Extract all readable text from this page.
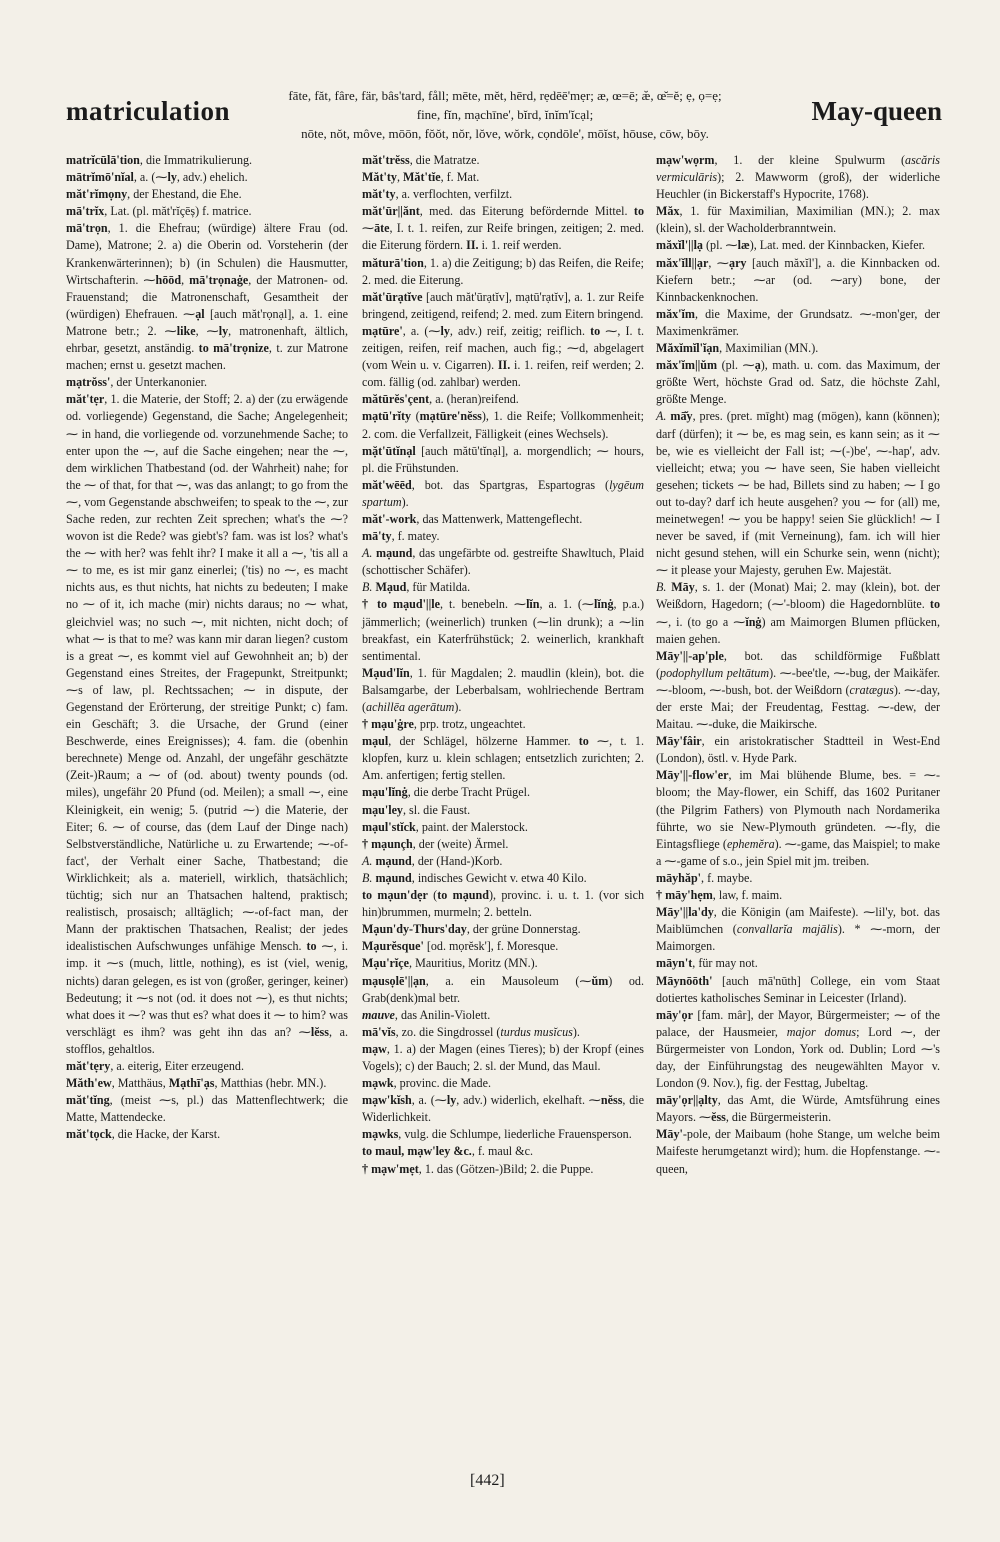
matriculation
fāte, făt, fâre, fär, bâs'tard, fåll; mēte, mĕt, hērd, rẹdēē'mẹr; æ, œ=ē; æ̆, œ̆=ĕ; ẹ, ọ=ẹ;
fine, fĭn, mạchīne', bĭrd, ĭnĭm'ĭcạl;
nōte, nŏt, môve, mōōn, fŏŏt, nŏr, lŏve, wŏrk, cọndōle', mōĭst, hōuse, cōw, bōy.
May-queen
matrĭcūlā'tion, die Immatrikulierung.
mātrĭmō'nĭal, a. (⁓ly, adv.) ehelich.
măt'rĭmọny, der Ehestand, die Ehe.
mā'trĭx, Lat. (pl. măt'rĭçēș) f. matrice.
mā'trọn, 1. die Ehefrau; (würdige) ältere Frau (od. Dame), Matrone; 2. a) die Oberin od. Vorsteherin (der Krankenwärterinnen); b) (in Schulen) die Hausmutter, Wirtschafterin. ⁓hōōd, mā'trọnaġe, der Matronen- od. Frauenstand; die Matronenschaft, Gesamtheit der (würdigen) Ehefrauen. ⁓ạl [auch măt'rọnạl], a. 1. eine Matrone betr.; 2. ⁓like, ⁓ly, matronenhaft, ältlich, ehrbar, gesetzt, anständig. to mā'trọnize, t. zur Matrone machen; ernst u. gesetzt machen.
mạtrŏss', der Unterkanonier.
măt'tẹr, 1. die Materie, der Stoff; 2. a) der (zu erwägende od. vorliegende) Gegenstand, die Sache; Angelegenheit; ⁓ in hand, die vorliegende od. vorzunehmende Sache; to enter upon the ⁓, auf die Sache eingehen; near the ⁓, dem wirklichen Thatbestand (od. der Wahrheit) nahe; for the ⁓ of that, for that ⁓, was das anlangt; to go from the ⁓, vom Gegenstande abschweifen; to speak to the ⁓, zur Sache reden, zur rechten Zeit sprechen; what's the ⁓? wovon ist die Rede? was giebt's? fam. was ist los? what's the ⁓ with her? was fehlt ihr? I make it all a ⁓, 'tis all a ⁓ to me, es ist mir ganz einerlei; ('tis) no ⁓, es macht nichts aus, es thut nichts, hat nichts zu bedeuten; I make no ⁓ of it, ich mache (mir) nichts daraus; no ⁓ what, gleichviel was; no such ⁓, mit nichten, nicht doch; of what ⁓ is that to me? was kann mir daran liegen? custom is a great ⁓, es kommt viel auf Gewohnheit an; b) der Gegenstand eines Streites, der Fragepunkt, Streitpunkt; ⁓s of law, pl. Rechtssachen; ⁓ in dispute, der Gegenstand der Erörterung, der streitige Punkt; c) fam. ein Geschäft; 3. die Ursache, der Grund (einer Beschwerde, eines Ereignisses); 4. fam. die (obenhin berechnete) Menge od. Anzahl, der ungefähr geschätzte (Zeit-)Raum; a ⁓ of (od. about) twenty pounds (od. miles), ungefähr 20 Pfund (od. Meilen); a small ⁓, eine Kleinigkeit, ein wenig; 5. (putrid ⁓) die Materie, der Eiter; 6. ⁓ of course, das (dem Lauf der Dinge nach) Selbstverständliche, Natürliche u. zu Erwartende; ⁓-of-fact', der Verhalt einer Sache, Thatbestand; die Wirklichkeit; als a. materiell, wirklich, thatsächlich; tüchtig; sich nur an Thatsachen haltend, praktisch; realistisch, prosaisch; alltäglich; ⁓-of-fact man, der Mann der praktischen Thatsachen, Realist; der jedes idealistischen Aufschwunges unfähige Mensch. to ⁓, i. imp. it ⁓s (much, little, nothing), es ist (viel, wenig, nichts) daran gelegen, es ist von (großer, geringer, keiner) Bedeutung; it ⁓s not (od. it does not ⁓), es thut nichts; what does it ⁓? was thut es? what does it ⁓ to him? was verschlägt es ihm? was geht ihn das an? ⁓lĕss, a. stofflos, gehaltlos.
măt'tẹry, a. eiterig, Eiter erzeugend.
Măth'ew, Matthäus, Mạthī'ạs, Matthias (hebr. MN.).
măt'tĭng, (meist ⁓s, pl.) das Mattenflechtwerk; die Matte, Mattendecke.
măt'tọck, die Hacke, der Karst.
măt'trĕss, die Matratze.
Măt'ty, Măt'tĭe, f. Mat.
măt'ty, a. verflochten, verfilzt.
măt'ūr||ănt, med. das Eiterung befördernde Mittel. to ⁓āte, I. t. 1. reifen, zur Reife bringen, zeitigen; 2. med. die Eiterung fördern. II. i. 1. reif werden.
măturā'tion, 1. a) die Zeitigung; b) das Reifen, die Reife; 2. med. die Eiterung.
măt'ūrạtĭve [auch măt'ūrạtĭv], mạtū'rạtĭv], a. 1. zur Reife bringend, zeitigend, reifend; 2. med. zum Eitern bringend.
mạtūre', a. (⁓ly, adv.) reif, zeitig; reiflich. to ⁓, I. t. zeitigen, reifen, reif machen, auch fig.; ⁓d, abgelagert (vom Wein u. v. Cigarren). II. i. 1. reifen, reif werden; 2. com. fällig (od. zahlbar) werden.
mătūrĕs'çent, a. (heran)reifend.
mạtū'rĭty (mạtūre'nĕss), 1. die Reife; Vollkommenheit; 2. com. die Verfallzeit, Fälligkeit (eines Wechsels).
mặt'ūtĭnạl [auch mătū'tĭnạl], a. morgendlich; ⁓ hours, pl. die Frühstunden.
măt'wēēd, bot. das Spartgras, Espartogras (lygēum spartum).
măt'-work, das Mattenwerk, Mattengeflecht.
mā'ty, f. matey.
A. mạund, das ungefärbte od. gestreifte Shawltuch, Plaid (schottischer Schäfer).
B. Mạud, für Matilda.
† to mạud'||le, t. benebeln. ⁓lĭn, a. 1. (⁓lĭnġ, p.a.) jämmerlich; (weinerlich) trunken (⁓lin drunk); a ⁓lin breakfast, ein Katerfrühstück; 2. weinerlich, krankhaft sentimental.
Mạud'lĭn, 1. für Magdalen; 2. maudlin (klein), bot. die Balsamgarbe, der Leberbalsam, wohlriechende Bertram (achillēa agerātum).
† mạu'ġre, prp. trotz, ungeachtet.
mạul, der Schlägel, hölzerne Hammer. to ⁓, t. 1. klopfen, kurz u. klein schlagen; entsetzlich zurichten; 2. Am. anfertigen; fertig stellen.
mạu'lĭnġ, die derbe Tracht Prügel.
mạu'ley, sl. die Faust.
mạul'stĭck, paint. der Malerstock.
† mạunçh, der (weite) Ärmel.
A. mạund, der (Hand-)Korb.
B. mạund, indisches Gewicht v. etwa 40 Kilo.
to mạun'dẹr (to mạund), provinc. i. u. t. 1. (vor sich hin)brummen, murmeln; 2. betteln.
Mạun'dy-Thurs'day, der grüne Donnerstag.
Mạurĕsque' [od. mọrĕsk'], f. Moresque.
Mạu'rĭçe, Mauritius, Moritz (MN.).
mạusọlē'||ạn, a. ein Mausoleum (⁓ŭm) od. Grab(denk)mal betr.
mauve, das Anilin-Violett.
mā'vĭs, zo. die Singdrossel (turdus musĭcus).
mạw, 1. a) der Magen (eines Tieres); b) der Kropf (eines Vogels); c) der Bauch; 2. sl. der Mund, das Maul.
mạwk, provinc. die Made.
mạw'kĭsh, a. (⁓ly, adv.) widerlich, ekelhaft. ⁓nĕss, die Widerlichkeit.
mạwks, vulg. die Schlumpe, liederliche Frauensperson.
to maul, mạw'ley &c., f. maul &c.
† mạw'mẹt, 1. das (Götzen-)Bild; 2. die Puppe.
mạw'wọrm, 1. der kleine Spulwurm (ascăris vermiculāris); 2. Mawworm (groß), der widerliche Heuchler (in Bickerstaff's Hypocrite, 1768).
Măx, 1. für Maximilian, Maximilian (MN.); 2. max (klein), sl. der Wacholderbranntwein.
măxĭl'||lạ (pl. ⁓læ), Lat. med. der Kinnbacken, Kiefer.
măx'ĭll||ạr, ⁓ạry [auch măxĭl'], a. die Kinnbacken od. Kiefern betr.; ⁓ar (od. ⁓ary) bone, der Kinnbackenknochen.
măx'ĭm, die Maxime, der Grundsatz. ⁓-mon'ger, der Maximenkrämer.
Măxĭmĭl'ĭạn, Maximilian (MN.).
măx'ĭm||ŭm (pl. ⁓ạ), math. u. com. das Maximum, der größte Wert, höchste Grad od. Satz, die höchste Zahl, größte Menge.
A. mā̆y, pres. (pret. mīght) mag (mögen), kann (können); darf (dürfen); it ⁓ be, es mag sein, es kann sein; as it ⁓ be, wie es vielleicht der Fall ist; ⁓(-)be', ⁓-hap', adv. vielleicht; etwa; you ⁓ have seen, Sie haben vielleicht gesehen; tickets ⁓ be had, Billets sind zu haben; ⁓ I go out to-day? darf ich heute ausgehen? you ⁓ for (all) me, meinetwegen! ⁓ you be happy! seien Sie glücklich! ⁓ I never be saved, if (mit Verneinung), fam. ich will hier nicht gesund stehen, will ein Schurke sein, wenn (nicht); ⁓ it please your Majesty, geruhen Ew. Majestät.
B. Māy, s. 1. der (Monat) Mai; 2. may (klein), bot. der Weißdorn, Hagedorn; (⁓'-bloom) die Hagedornblüte. to ⁓, i. (to go a ⁓ĭnġ) am Maimorgen Blumen pflücken, maien gehen.
Māy'||-ap'ple, bot. das schildförmige Fußblatt (podophyllum peltātum). ⁓-bee'tle, ⁓-bug, der Maikäfer. ⁓-bloom, ⁓-bush, bot. der Weißdorn (cratægus). ⁓-day, der erste Mai; der Freudentag, Festtag. ⁓-dew, der Maitau. ⁓-duke, die Maikirsche.
Māy'fâir, ein aristokratischer Stadtteil in West-End (London), östl. v. Hyde Park.
Māy'||-flow'er, im Mai blühende Blume, bes. = ⁓-bloom; the May-flower, ein Schiff, das 1602 Puritaner (the Pilgrim Fathers) von Plymouth nach Nordamerika führte, wo sie New-Plymouth gründeten. ⁓-fly, die Eintagsfliege (ephemĕra). ⁓-game, das Maispiel; to make a ⁓-game of s.o., jein Spiel mit jm. treiben.
māyhăp', f. maybe.
† māy'hẹm, law, f. maim.
Māy'||la'dy, die Königin (am Maifeste). ⁓lil'y, bot. das Maiblümchen (convallarĭa majālis). * ⁓-morn, der Maimorgen.
māyn't, für may not.
Māynōōth' [auch mā'nūth] College, ein vom Staat dotiertes katholisches Seminar in Leicester (Irland).
māy'ọr [fam. mâr], der Mayor, Bürgermeister; ⁓ of the palace, der Hausmeier, major domus; Lord ⁓, der Bürgermeister von London, York od. Dublin; Lord ⁓'s day, der Einführungstag des neugewählten Mayor v. London (9. Nov.), fig. der Festtag, Jubeltag.
māy'ọr||ạlty, das Amt, die Würde, Amtsführung eines Mayors. ⁓ĕss, die Bürgermeisterin.
Māy'-pole, der Maibaum (hohe Stange, um welche beim Maifeste herumgetanzt wird); hum. die Hopfenstange. ⁓-queen,
[442]
